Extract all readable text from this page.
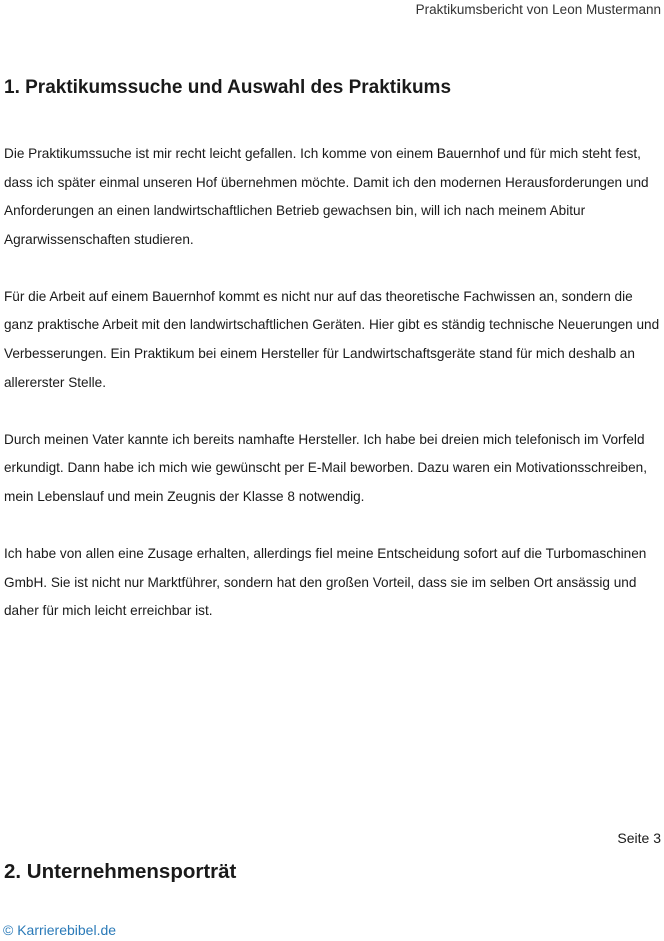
Praktikumsbericht von Leon Mustermann
1. Praktikumssuche und Auswahl des Praktikums

Die Praktikumssuche ist mir recht leicht gefallen. Ich komme von einem Bauernhof und für mich steht fest, dass ich später einmal unseren Hof übernehmen möchte. Damit ich den modernen Herausforderungen und Anforderungen an einen landwirtschaftlichen Betrieb gewachsen bin, will ich nach meinem Abitur Agrarwissenschaften studieren.

Für die Arbeit auf einem Bauernhof kommt es nicht nur auf das theoretische Fachwissen an, sondern die ganz praktische Arbeit mit den landwirtschaftlichen Geräten. Hier gibt es ständig technische Neuerungen und Verbesserungen. Ein Praktikum bei einem Hersteller für Landwirtschaftsgeräte stand für mich deshalb an allererster Stelle.

Durch meinen Vater kannte ich bereits namhafte Hersteller. Ich habe bei dreien mich telefonisch im Vorfeld erkundigt. Dann habe ich mich wie gewünscht per E-Mail beworben. Dazu waren ein Motivationsschreiben, mein Lebenslauf und mein Zeugnis der Klasse 8 notwendig.

Ich habe von allen eine Zusage erhalten, allerdings fiel meine Entscheidung sofort auf die Turbomaschinen GmbH. Sie ist nicht nur Marktführer, sondern hat den großen Vorteil, dass sie im selben Ort ansässig und daher für mich leicht erreichbar ist.

Seite 3
2. Unternehmensporträt
© Karrierebibel.de
